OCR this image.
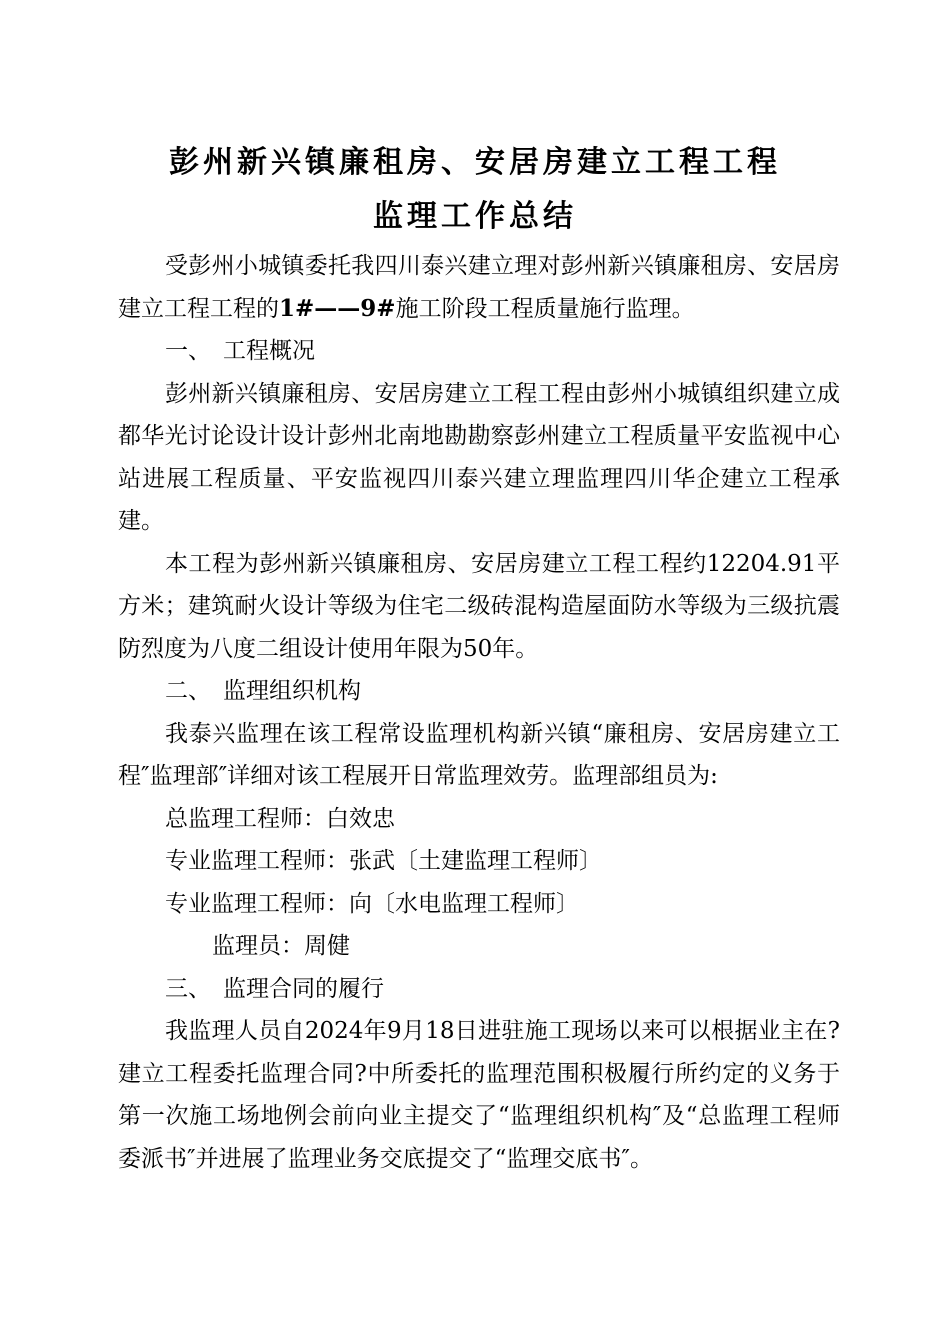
彭州新兴镇廉租房、安居房建立工程工程
监理工作总结

受彭州小城镇委托我四川泰兴建立理对彭州新兴镇廉租房、安居房建立工程工程的1#——9#施工阶段工程质量施行监理。

一、 工程概况

彭州新兴镇廉租房、安居房建立工程工程由彭州小城镇组织建立成都华光讨论设计设计彭州北南地勘勘察彭州建立工程质量平安监视中心站进展工程质量、平安监视四川泰兴建立理监理四川华企建立工程承建。

本工程为彭州新兴镇廉租房、安居房建立工程工程约12204.91平方米；建筑耐火设计等级为住宅二级砖混构造屋面防水等级为三级抗震防烈度为八度二组设计使用年限为50年。

二、 监理组织机构

我泰兴监理在该工程常设监理机构新兴镇“廉租房、安居房建立工程″监理部″详细对该工程展开日常监理效劳。监理部组员为:

总监理工程师：白效忠

专业监理工程师：张武〔土建监理工程师〕

专业监理工程师：向〔水电监理工程师〕

监理员：周健

三、 监理合同的履行

我监理人员自2024年9月18日进驻施工现场以来可以根据业主在?建立工程委托监理合同?中所委托的监理范围积极履行所约定的义务于第一次施工场地例会前向业主提交了“监理组织机构″及“总监理工程师委派书″并进展了监理业务交底提交了“监理交底书″。
